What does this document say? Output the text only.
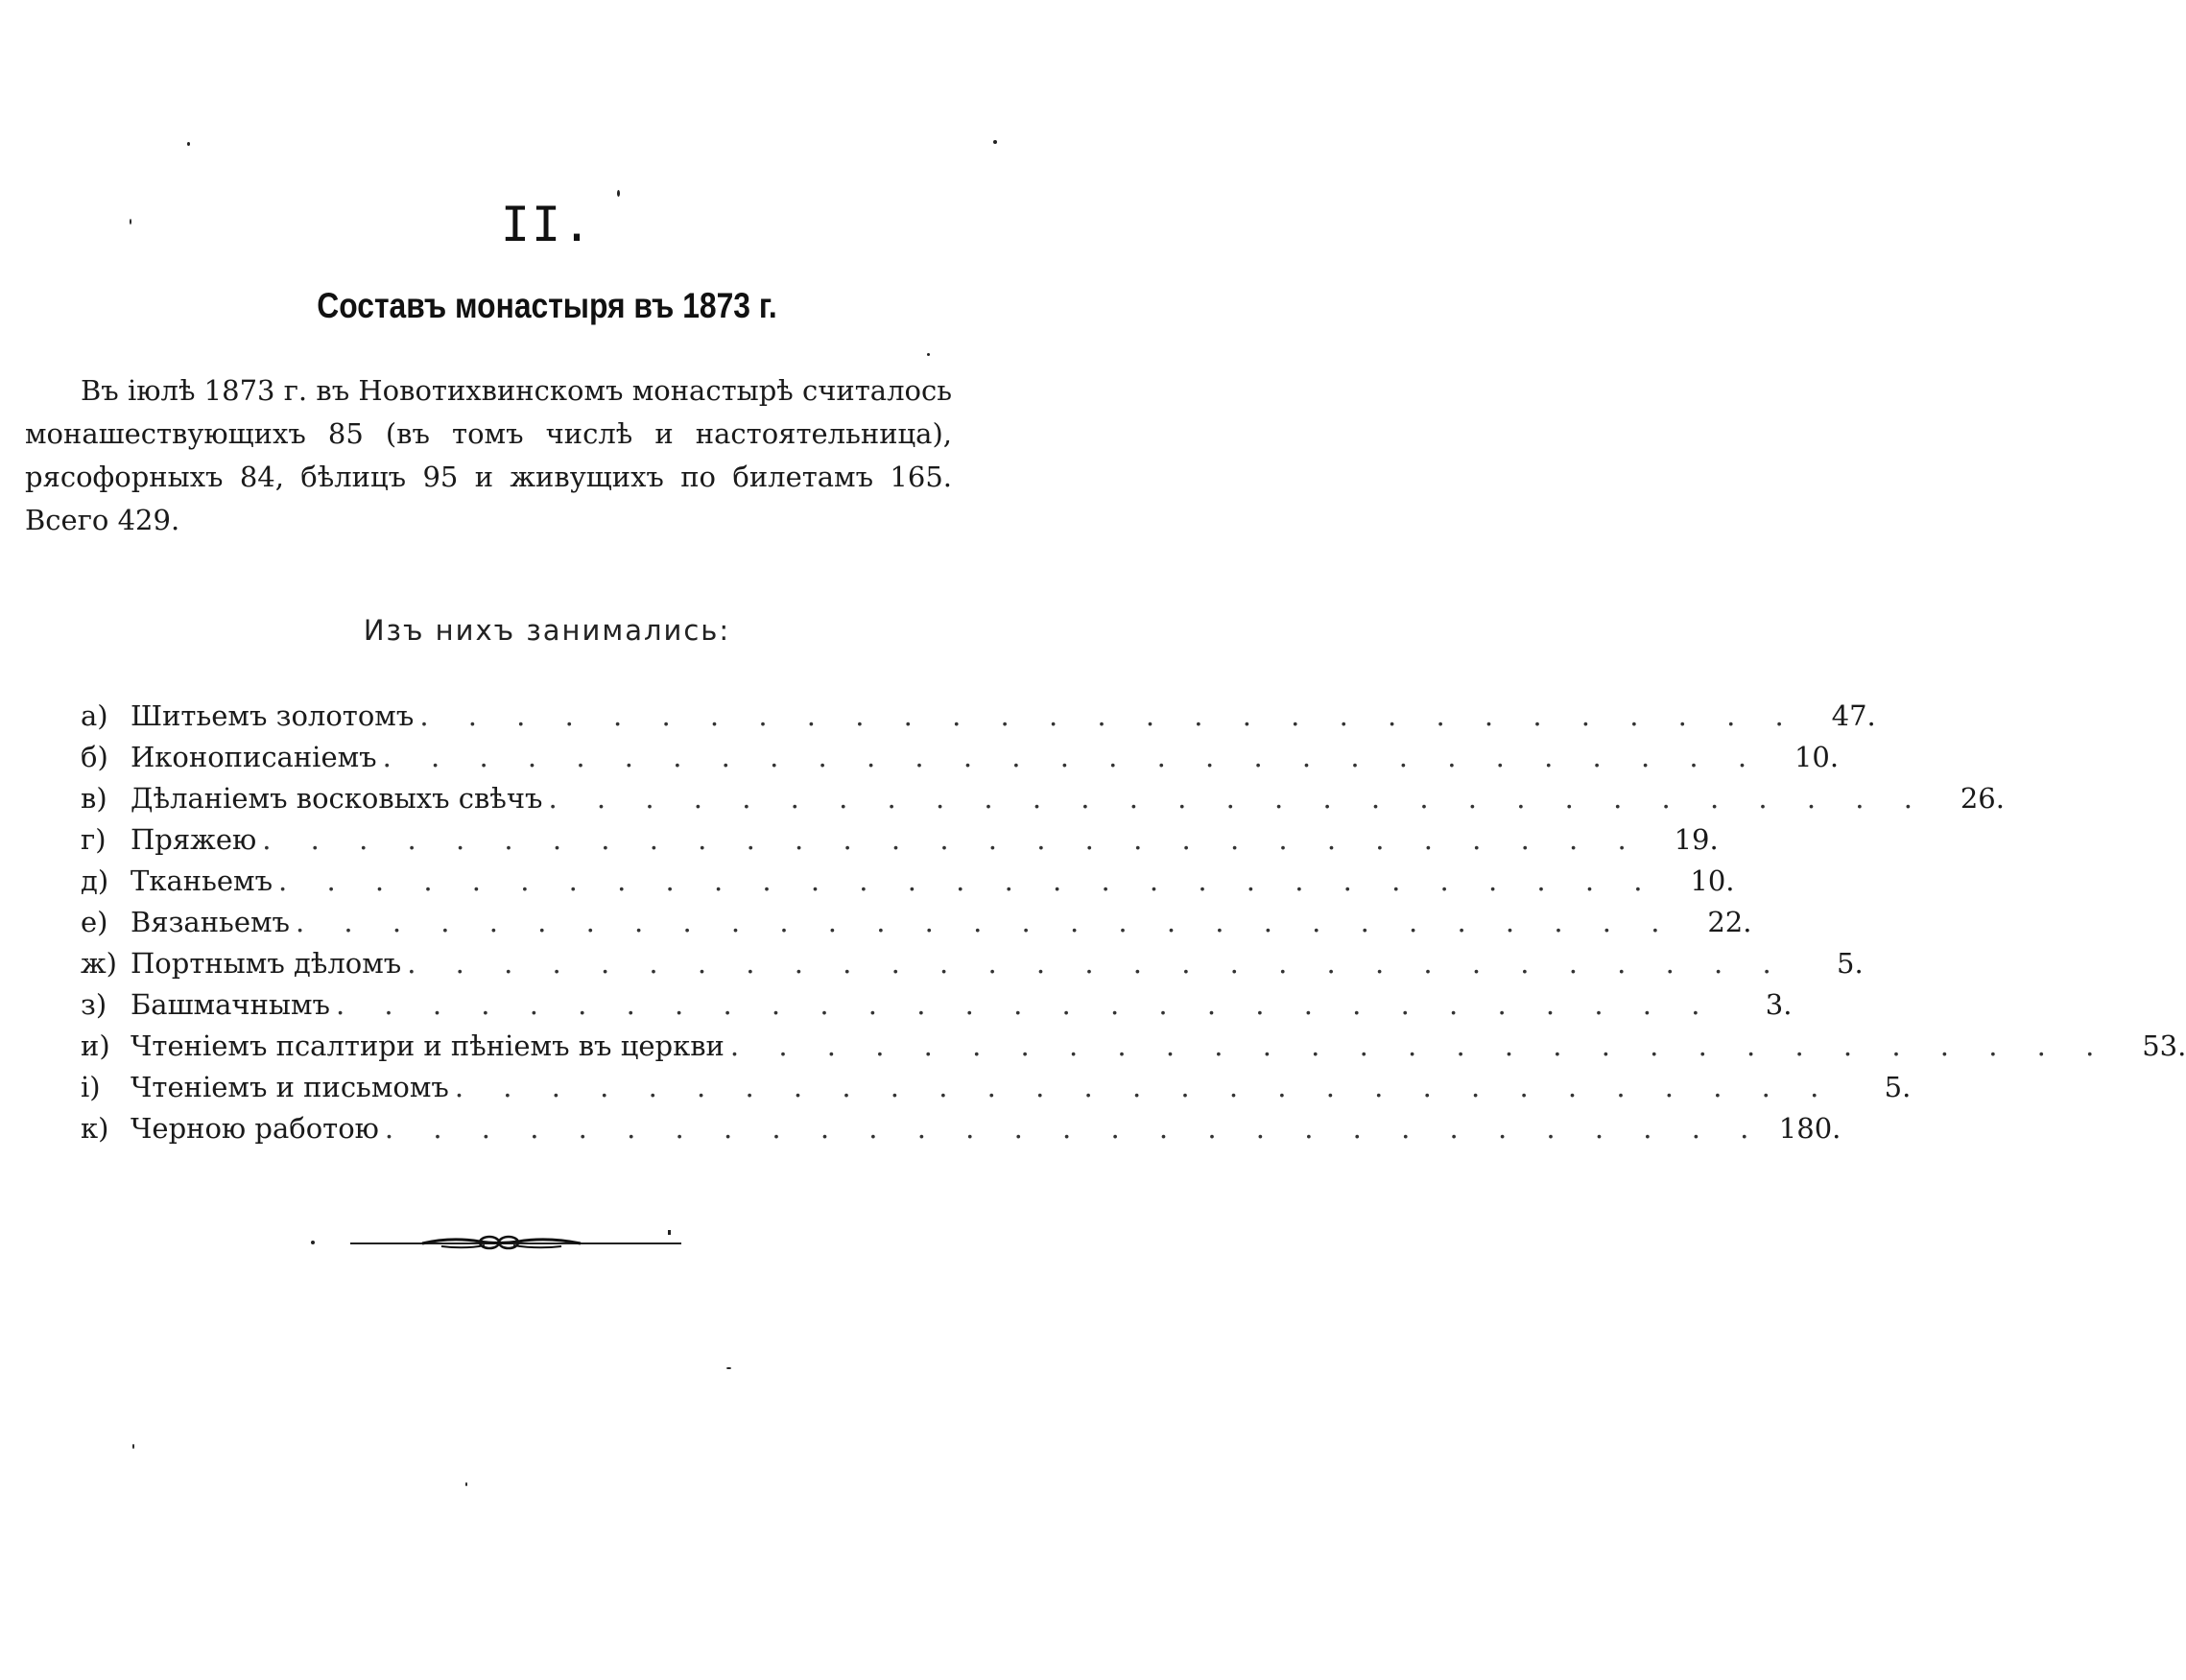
II.
Составъ монастыря въ 1873 г.
Въ iюлѣ 1873 г. въ Новотихвинскомъ монастырѣ считалось монашествующихъ 85 (въ томъ числѣ и настоятельница), рясофорныхъ 84, бѣлицъ 95 и живущихъ по билетамъ 165. Всего 429.
Изъ нихъ занимались:
а) Шитьемъ золотомъ . . . . . . . . . . . . . . . . . . . . . . . . . . . . .	47.
б) Иконописанiемъ . . . . . . . . . . . . . . . . . . . . . . . . . . . . .	10.
в) Дѣланiемъ восковыхъ свѣчъ . . . . . . . . . . . . . . . . . . . . . . . . . . . . .	26.
г) Пряжею . . . . . . . . . . . . . . . . . . . . . . . . . . . . .	19.
д) Тканьемъ . . . . . . . . . . . . . . . . . . . . . . . . . . . . .	10.
е) Вязаньемъ . . . . . . . . . . . . . . . . . . . . . . . . . . . . .	22.
ж) Портнымъ дѣломъ . . . . . . . . . . . . . . . . . . . . . . . . . . . . .	5.
з) Башмачнымъ . . . . . . . . . . . . . . . . . . . . . . . . . . . . .	3.
и) Чтенiемъ псалтири и пѣнiемъ въ церкви . . . . . . . . . . . . . . . . . . . . . . . . . . . . .	53.
i)	Чтенiемъ и письмомъ . . . . . . . . . . . . . . . . . . . . . . . . . . . . .	5.
к) Черною работою . . . . . . . . . . . . . . . . . . . . . . . . . . . . . 180.
